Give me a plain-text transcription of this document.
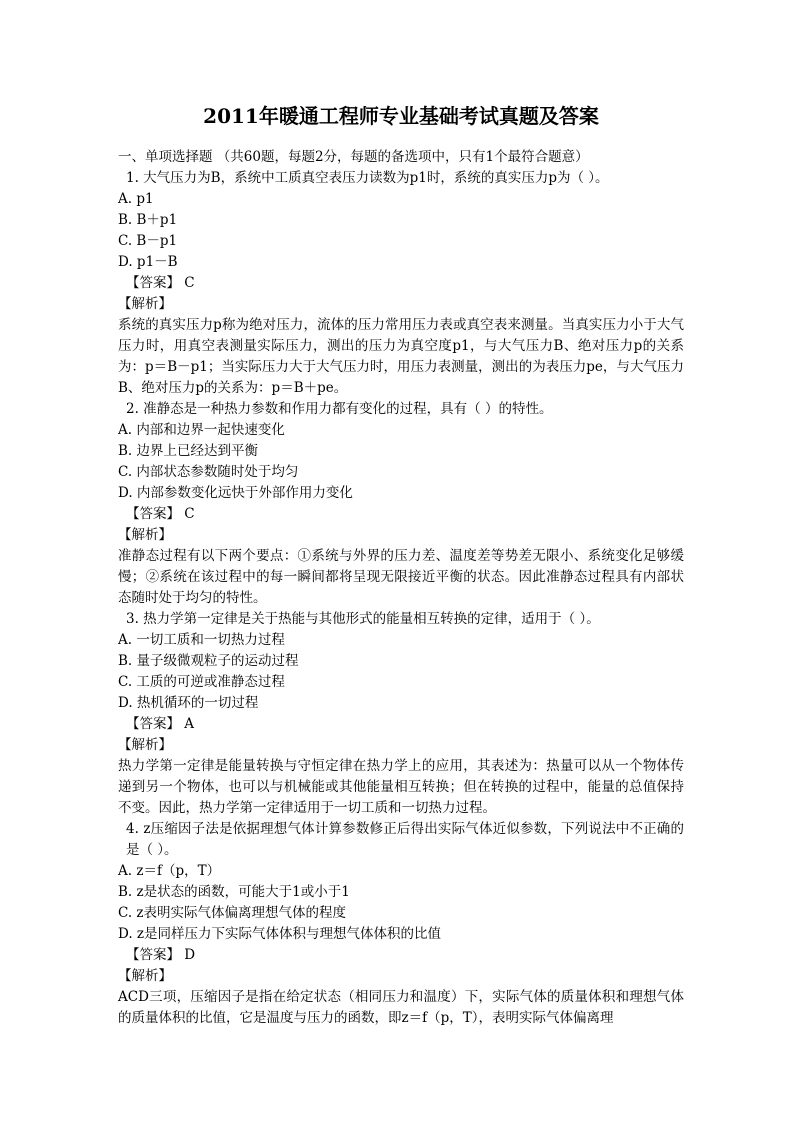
2011年暖通工程师专业基础考试真题及答案

一、单项选择题 （共60题，每题2分，每题的备选项中，只有1个最符合题意）

1. 大气压力为B，系统中工质真空表压力读数为p1时，系统的真实压力p为（ ）。

A. p1

B. B＋p1

C. B－p1

D. p1－B

【答案】 C

【解析】

系统的真实压力p称为绝对压力，流体的压力常用压力表或真空表来测量。当真实压力小于大气压力时，用真空表测量实际压力，测出的压力为真空度p1，与大气压力B、绝对压力p的关系为：p＝B－p1；当实际压力大于大气压力时，用压力表测量，测出的为表压力pe，与大气压力B、绝对压力p的关系为：p＝B＋pe。

2. 准静态是一种热力参数和作用力都有变化的过程，具有（ ）的特性。

A. 内部和边界一起快速变化

B. 边界上已经达到平衡

C. 内部状态参数随时处于均匀

D. 内部参数变化远快于外部作用力变化

【答案】 C

【解析】

准静态过程有以下两个要点：①系统与外界的压力差、温度差等势差无限小、系统变化足够缓慢；②系统在该过程中的每一瞬间都将呈现无限接近平衡的状态。因此准静态过程具有内部状态随时处于均匀的特性。

3. 热力学第一定律是关于热能与其他形式的能量相互转换的定律，适用于（ ）。

A. 一切工质和一切热力过程

B. 量子级微观粒子的运动过程

C. 工质的可逆或准静态过程

D. 热机循环的一切过程

【答案】 A

【解析】

热力学第一定律是能量转换与守恒定律在热力学上的应用，其表述为：热量可以从一个物体传递到另一个物体，也可以与机械能或其他能量相互转换；但在转换的过程中，能量的总值保持不变。因此，热力学第一定律适用于一切工质和一切热力过程。

4. z压缩因子法是依据理想气体计算参数修正后得出实际气体近似参数，下列说法中不正确的是（ ）。

A. z＝f（p，T）

B. z是状态的函数，可能大于1或小于1

C. z表明实际气体偏离理想气体的程度

D. z是同样压力下实际气体体积与理想气体体积的比值

【答案】 D

【解析】

ACD三项，压缩因子是指在给定状态（相同压力和温度）下，实际气体的质量体积和理想气体的质量体积的比值，它是温度与压力的函数，即z＝f（p，T），表明实际气体偏离理
